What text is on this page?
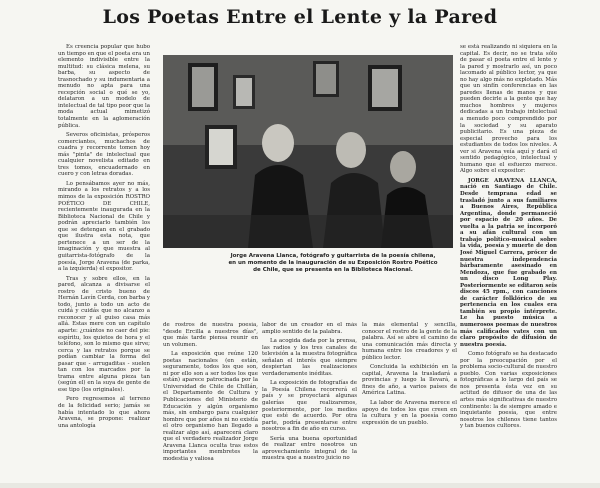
Los Poetas Entre el Lente y la Pared

Es creencia popular que hubo un tiempo en que el poeta era un elemento indivisible entre la multitud: su clásica melena, su barba, su aspecto de trasnochado y su indumentaria a menudo no apta para una recepción social o qué se yo, delataron a un modelo de intelectual de tal tipo peor que la moda actual mimetizó totalmente en la aglomeración pública.

Severos oficinistas, prósperos comerciantes, muchachos de cuadra y recorrente tomen hoy más "pinta" de intelectual que cualquier novelista editado en tres tomos, encuadernado en cuero y con letras doradas.

Lo pensábamos ayer no más, mirando a los retratos y a los mimos de la exposición ROSTRO POÉTICO DE CHILE, recientemente inaugurada en la Biblioteca Nacional de Chile y podrán apreciarlo también los que se detengan en el grabado que ilustra esta nota, que pertenece a un ser de la imaginación y que muestra al guitarrista-fotógrafo de la poesía, Jorge Aravena (de parka, a la izquierda) el expositor.

Tras y sobre ellos, en la pared, alcanza a divisarse el rostro de cristo bueno de Hernán Lavín Cerda, con barba y todo, junto a todo un acto de cuidá y cuidás que no alcanzo a reconocer y al guiso casa más allá. Estas mere con un capítulo aparte: ¿cuántos no caer del pie: espíritu, los quietos de hora y el teléfono, son lo mismo que sirve; cerca y las retratos porque se podían cambiar la forma del pasar que - arrugaditas - suelen tan con los marcados por la trama entre alguna pieza tan (según el) en la suya de gente de ese tipo (los originales).

Pero regresemos al terreno de la felicidad serio; jamás se había intentado lo que ahora Aravena, se propone: realizar una antología

Jorge Aravena Llanca, fotógrafo y guitarrista de la poesía chilena, en un momento de la inauguración de su Exposición Rostro Poético de Chile, que se presenta en la Biblioteca Nacional.

de rostros de nuestra poesía, "desde Ercilla a nuestros días", que más tarde piensa reunir en un volumen.

La exposición que reúne 120 poetas nacionales (en están, seguramente, todos los que son, ni por ello son a ser todos los que están) aparece patrocinada por la Universidad de Chile de Chillán, el Departamento de Cultura y Publicaciones del Ministerio de Educación y algún organismo más, sin embargo para cualquier hombre que por años ni no existía el otro organismo han llegado a realizar algo así, aparecerá claro que el verdadero realizador Jorge Aravena Llanca oculta tras estos importantes membretes la modestia y valiosa

labor de un creador en el más amplio sentido de la palabra.

La acogida dada por la prensa, las radios y los tres canales de televisión a la muestra fotográfica señalan el interés que siempre despiertan las realizaciones verdaderamente inéditas.

La exposición de fotografías de la Poesía Chilena recorrerá el país y se proyectará algunas galerías que realizaremos, posteriormente, por los medios que esté de acuerdo. Por otra parte, podría presentarse entre nosotros a fin de año en curso.

Sería una buena oportunidad de realizar entre nosotros un aprovechamiento integral de la muestra que a nuestro juicio no

la más elemental y sencilla, conocer el rostro de la gente de la palabra. Así se abre el camino de una comunicación más directa y humana entre los creadores y el público lector.

Concluida la exhibición en la capital, Aravena la trasladará a provincias y luego la llevará, a fines de año, a varios países de América Latina.

La labor de Aravena merece el apoyo de todos los que creen en la cultura y en la poesía como expresión de un pueblo.

se está realizando ni siquiera en la capital. Es decir, no se trata sólo de pasar el poeta entre el lente y la pared y mostrarlo así, un poco lacomado al público lector, ya que no hay algo más no explotado. Más que un sinfín conferencias en las paredes llenas de manos y que pueden decirle a la gente que hay muchos hombres y mujeres dedicadas a un trabajo intelectual a menudo poco comprendido por la sociedad y su aparato publicitario. Es una pieza de especial provecho para los estudiantes de todos los niveles. A ver si Aravena veía aquí y dará el sentido pedagógico, intelectual y humano que el esfuerzo merece. Algo sobre el expositor:

JORGE ARAVENA LLANCA, nació en Santiago de Chile. Desde temprana edad se trasladó junto a sus familiares a Buenos Aires, República Argentina, donde permaneció por espacio de 20 años. De vuelta a la patria se incorporó a su afán cultural con un trabajo político-musical sobre la vida, poesía y muerte de don José Miguel Carrera, prócer de nuestra independencia bárbaramente asesinado en Mendoza, que fue grabado en un disco Long Play. Posteriormente se editaron seis discos 45 rpm., con canciones de carácter folklórico de su pertenencia en los cuales era también su propio intérprete. Le ha puesto música a numerosos poemas de nuestros más calificados vates con un claro propósito de difusión de nuestra poesía.

Como fotógrafo se ha destacado por la preocupación por el problema socio-cultural de nuestro pueblo. Con varias exposiciones fotográficas a lo largo del país se nos presenta ésta vez en su actitud de difusor de una de las artes más significativas de nuestro continente: la de siempre amado e inquietante poesía, que entre nosotros los chilenos tiene tantos y tan buenos cultores.
